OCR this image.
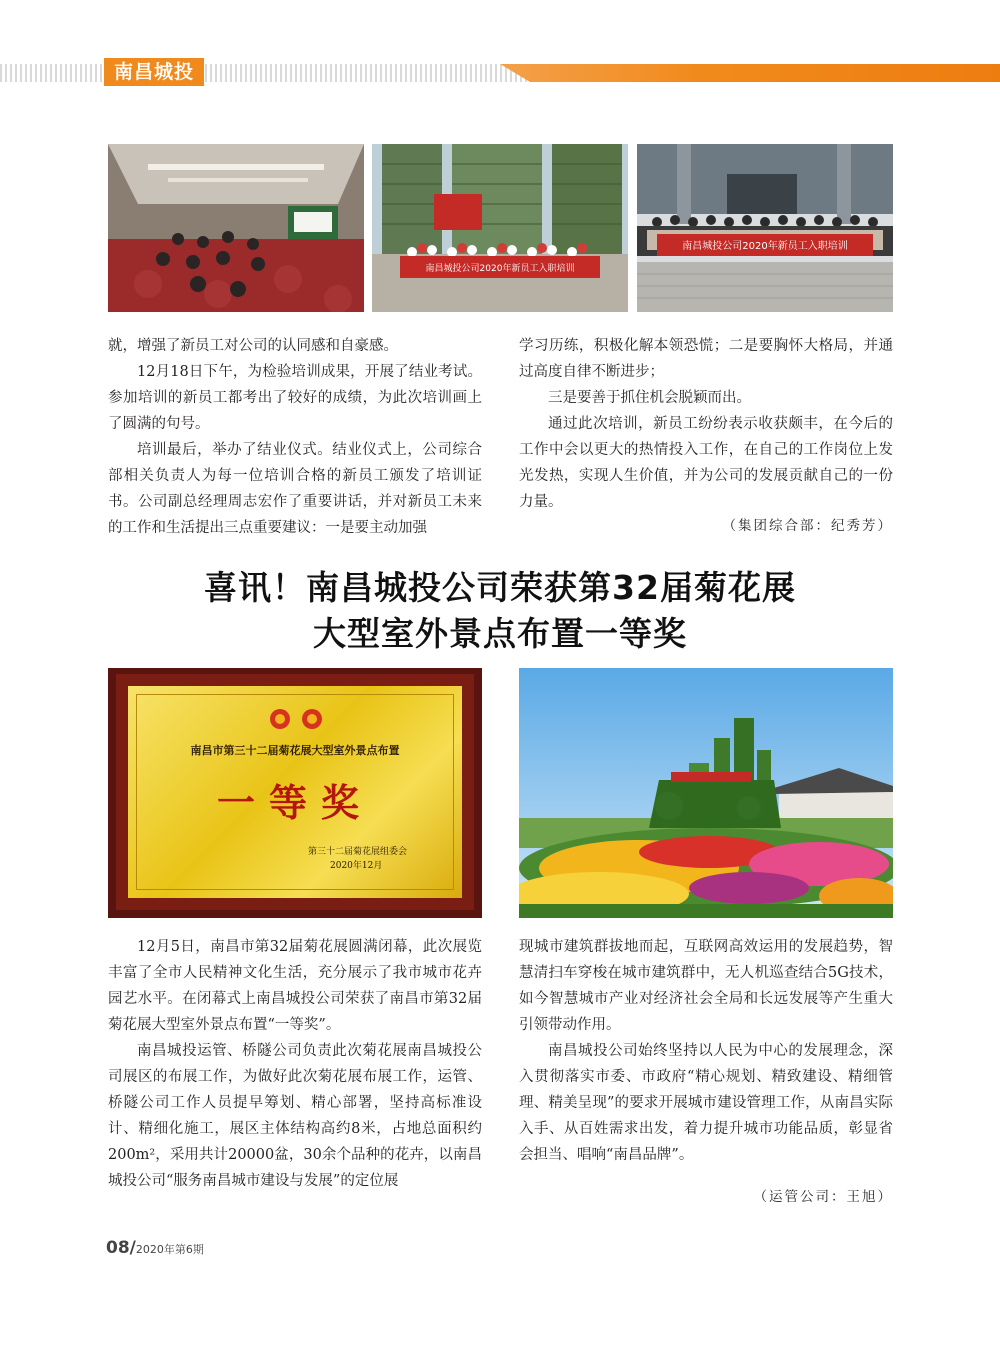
南昌城投
南昌城投公司2020年新员工入职培训
南昌城投公司2020年新员工入职培训

就，增强了新员工对公司的认同感和自豪感。

12月18日下午，为检验培训成果，开展了结业考试。参加培训的新员工都考出了较好的成绩，为此次培训画上了圆满的句号。

培训最后，举办了结业仪式。结业仪式上，公司综合部相关负责人为每一位培训合格的新员工颁发了培训证书。公司副总经理周志宏作了重要讲话，并对新员工未来的工作和生活提出三点重要建议：一是要主动加强

学习历练，积极化解本领恐慌；二是要胸怀大格局，并通过高度自律不断进步；

三是要善于抓住机会脱颖而出。

通过此次培训，新员工纷纷表示收获颇丰，在今后的工作中会以更大的热情投入工作，在自己的工作岗位上发光发热，实现人生价值，并为公司的发展贡献自己的一份力量。

（集团综合部：纪秀芳）
喜讯！南昌城投公司荣获第32届菊花展
大型室外景点布置一等奖
南昌市第三十二届菊花展大型室外景点布置
一等奖
第三十二届菊花展组委会
2020年12月

12月5日，南昌市第32届菊花展圆满闭幕，此次展览丰富了全市人民精神文化生活，充分展示了我市城市花卉园艺水平。在闭幕式上南昌城投公司荣获了南昌市第32届菊花展大型室外景点布置“一等奖”。

南昌城投运管、桥隧公司负责此次菊花展南昌城投公司展区的布展工作，为做好此次菊花展布展工作，运管、桥隧公司工作人员提早筹划、精心部署，坚持高标准设计、精细化施工，展区主体结构高约8米，占地总面积约200m²，采用共计20000盆，30余个品种的花卉，以南昌城投公司“服务南昌城市建设与发展”的定位展

现城市建筑群拔地而起，互联网高效运用的发展趋势，智慧清扫车穿梭在城市建筑群中，无人机巡查结合5G技术，如今智慧城市产业对经济社会全局和长远发展等产生重大引领带动作用。

南昌城投公司始终坚持以人民为中心的发展理念，深入贯彻落实市委、市政府“精心规划、精致建设、精细管理、精美呈现”的要求开展城市建设管理工作，从南昌实际入手、从百姓需求出发，着力提升城市功能品质，彰显省会担当、唱响“南昌品牌”。

（运管公司：王旭）
08/2020年第6期
